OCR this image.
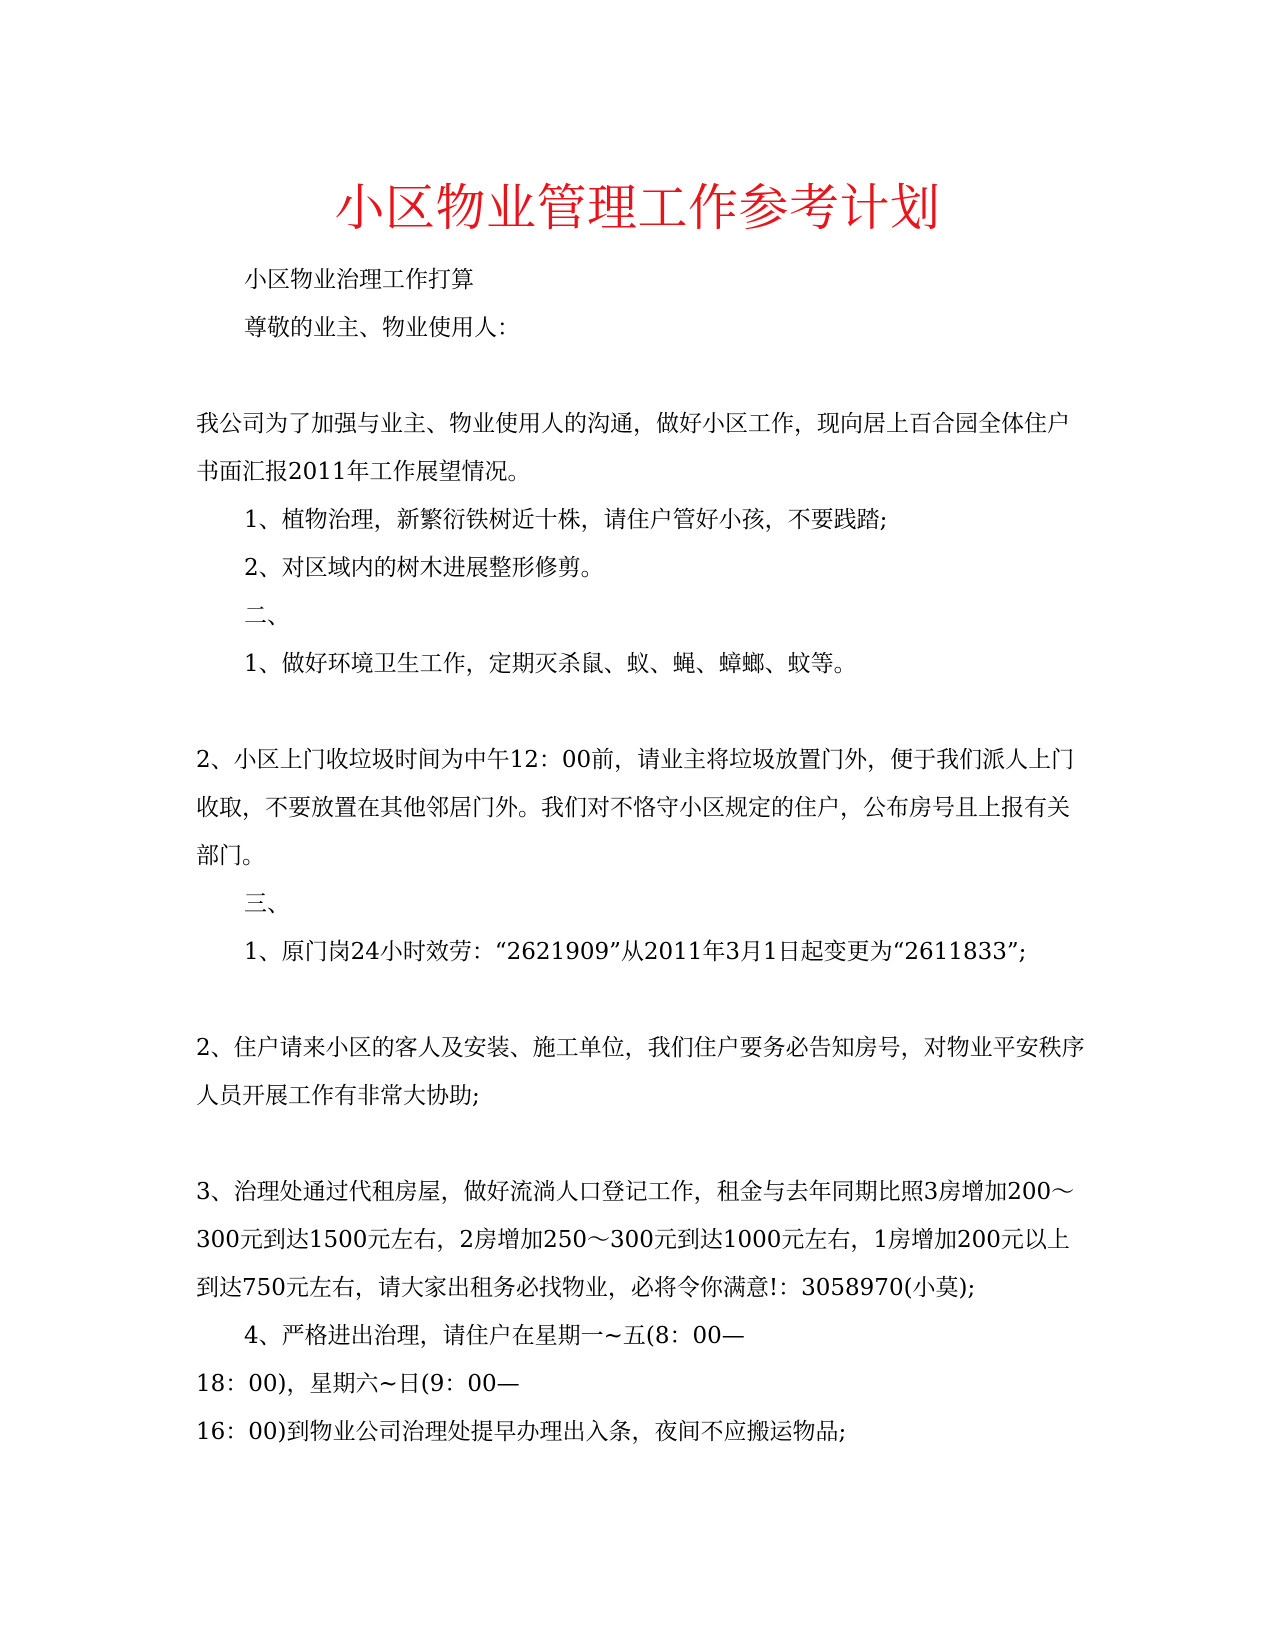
小区物业管理工作参考计划

小区物业治理工作打算

尊敬的业主、物业使用人：

我公司为了加强与业主、物业使用人的沟通，做好小区工作，现向居上百合园全体住户书面汇报2011年工作展望情况。

1、植物治理，新繁衍铁树近十株，请住户管好小孩，不要践踏;

2、对区域内的树木进展整形修剪。

二、

1、做好环境卫生工作，定期灭杀鼠、蚁、蝇、蟑螂、蚊等。

2、小区上门收垃圾时间为中午12：00前，请业主将垃圾放置门外，便于我们派人上门收取，不要放置在其他邻居门外。我们对不恪守小区规定的住户，公布房号且上报有关部门。

三、

1、原门岗24小时效劳：“2621909”从2011年3月1日起变更为“2611833”;

2、住户请来小区的客人及安装、施工单位，我们住户要务必告知房号，对物业平安秩序人员开展工作有非常大协助;

3、治理处通过代租房屋，做好流淌人口登记工作，租金与去年同期比照3房增加200～300元到达1500元左右，2房增加250～300元到达1000元左右，1房增加200元以上到达750元左右，请大家出租务必找物业，必将令你满意!：3058970(小莫);

4、严格进出治理，请住户在星期一~五(8：00—

18：00)，星期六~日(9：00—

16：00)到物业公司治理处提早办理出入条，夜间不应搬运物品;
